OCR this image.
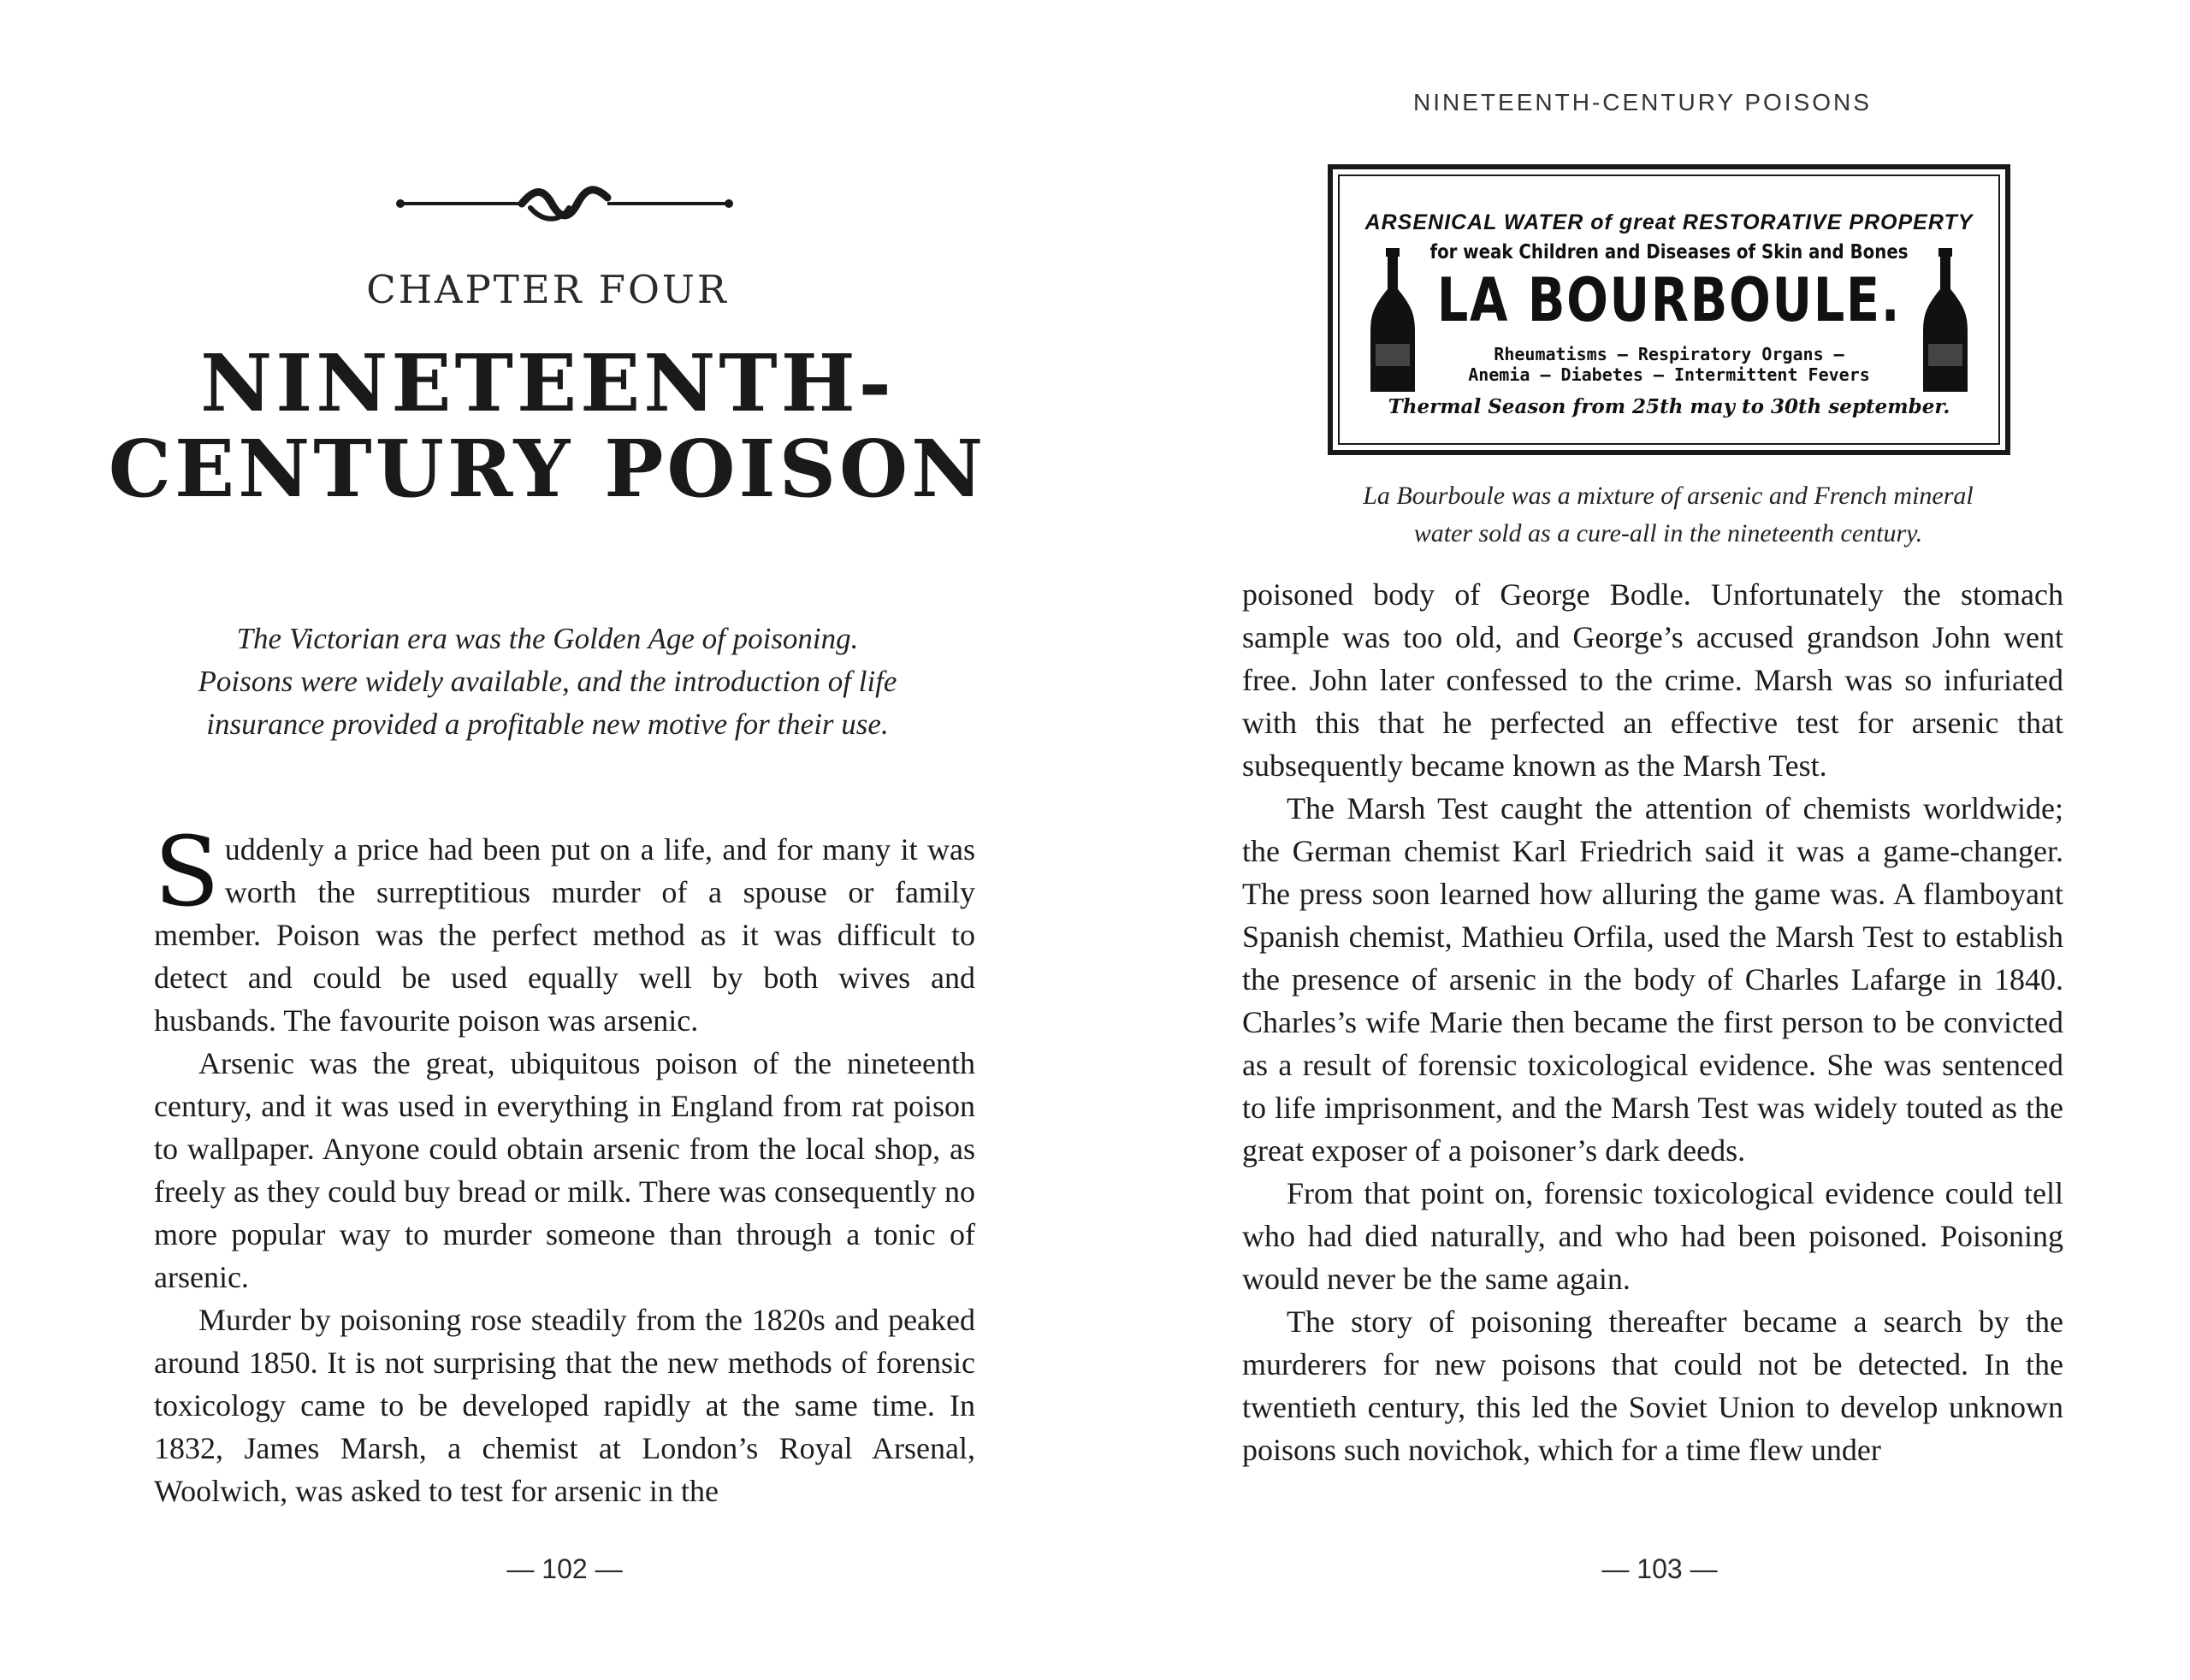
CHAPTER FOUR
NINETEENTH-
CENTURY POISON
The Victorian era was the Golden Age of poisoning.
Poisons were widely available, and the introduction of life
insurance provided a profitable new motive for their use.

Suddenly a price had been put on a life, and for many it was worth the surreptitious murder of a spouse or family member. Poison was the perfect method as it was difficult to detect and could be used equally well by both wives and husbands. The favourite poison was arsenic.

Arsenic was the great, ubiquitous poison of the nineteenth century, and it was used in everything in England from rat poison to wallpaper. Anyone could obtain arsenic from the local shop, as freely as they could buy bread or milk. There was consequently no more popular way to murder someone than through a tonic of arsenic.

Murder by poisoning rose steadily from the 1820s and peaked around 1850. It is not surprising that the new methods of forensic toxicology came to be developed rapidly at the same time. In 1832, James Marsh, a chemist at London’s Royal Arsenal, Woolwich, was asked to test for arsenic in the

— 102 —
NINETEENTH-CENTURY POISONS
ARSENICAL WATER of great RESTORATIVE PROPERTY
for weak Children and Diseases of Skin and Bones
LA BOURBOULE.
Rheumatisms — Respiratory Organs —
Anemia — Diabetes — Intermittent Fevers
Thermal Season from 25th may to 30th september.
La Bourboule was a mixture of arsenic and French mineral
water sold as a cure-all in the nineteenth century.

poisoned body of George Bodle. Unfortunately the stomach sample was too old, and George’s accused grandson John went free. John later confessed to the crime. Marsh was so infuriated with this that he perfected an effective test for arsenic that subsequently became known as the Marsh Test.

The Marsh Test caught the attention of chemists worldwide; the German chemist Karl Friedrich said it was a game-changer. The press soon learned how alluring the game was. A flamboyant Spanish chemist, Mathieu Orfila, used the Marsh Test to establish the presence of arsenic in the body of Charles Lafarge in 1840. Charles’s wife Marie then became the first person to be convicted as a result of forensic toxicological evidence. She was sentenced to life imprisonment, and the Marsh Test was widely touted as the great exposer of a poisoner’s dark deeds.

From that point on, forensic toxicological evidence could tell who had died naturally, and who had been poisoned. Poisoning would never be the same again.

The story of poisoning thereafter became a search by the murderers for new poisons that could not be detected. In the twentieth century, this led the Soviet Union to develop unknown poisons such novichok, which for a time flew under

— 103 —
